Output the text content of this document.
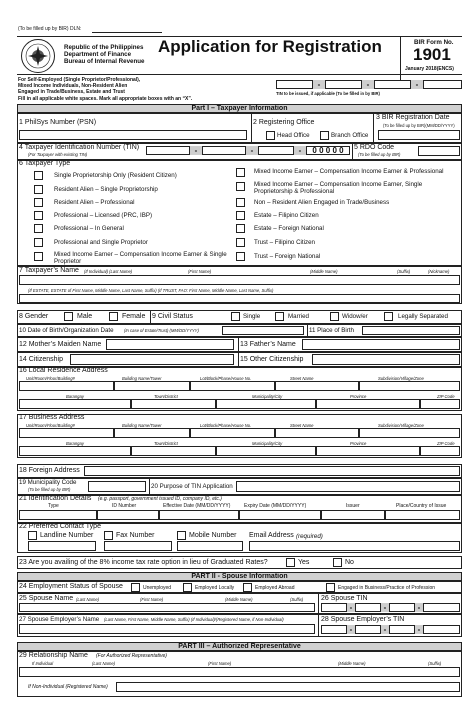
(To be filled up by BIR) DLN:
Republic of the Philippines
Department of Finance
Bureau of Internal Revenue
Application for Registration	BIR Form No.
1901
January 2018(ENCS)
For Self-Employed (Single Proprietor/Professional),
Mixed Income Individuals, Non-Resident Alien
Engaged in Trade/Business, Estate and Trust
-	-	-
TIN to be issued, if applicable (To be filled in by BIR)
Fill in all applicable white spaces. Mark all appropriate boxes with an “X”.
Part I – Taxpayer Information
1 PhilSys Number (PSN)	2 Registering Office
Head Office	Branch Office
3 BIR Registration Date
(To be filled up by BIR)(MM/DD/YYYY)
4 Taxpayer Identification Number (TIN)
(For Taxpayer with existing TIN)	-	-	-	0 0 0 0 0	5 RDO Code
(To be filled up by BIR)
6 Taxpayer Type
Single Proprietorship Only (Resident Citizen)
Resident Alien – Single Proprietorship
Resident Alien – Professional
Professional – Licensed (PRC, IBP)
Professional – In General
Professional and Single Proprietor
Mixed Income Earner – Compensation Income Earner & Single Proprietor
Mixed Income Earner – Compensation Income Earner & Professional
Mixed Income Earner – Compensation Income Earner, Single Proprietorship & Professional
Non – Resident Alien Engaged in Trade/Business
Estate – Filipino Citizen
Estate – Foreign National
Trust – Filipino Citizen
Trust – Foreign National
7 Taxpayer’s Name (If Individual) (Last Name)	(First Name)	(Middle Name)	(Suffix)	(Nickname)
(If ESTATE, ESTATE of First Name, Middle Name, Last Name, Suffix) (If TRUST, FAO: First Name, Middle Name, Last Name, Suffix)
8 Gender	Male	Female 9 Civil Status	Single	Married	Widow/er	Legally Separated
10 Date of Birth/Organization Date (In case of Estate/Trust) (MM/DD/YYYY)	11 Place of Birth
12 Mother’s Maiden Name	13 Father’s Name
14 Citizenship	15 Other Citizenship
16 Local Residence Address
Unit/Room/Floor/Building#	Building Name/Tower	Lot/Block/Phase/House No.	Street Name	Subdivision/Village/Zone
Barangay	Town/District	Municipality/City	Province	ZIP Code
17 Business Address
Unit/Room/Floor/Building#	Building Name/Tower	Lot/Block/Phase/House No.	Street Name	Subdivision/Village/Zone
Barangay	Town/District	Municipality/City	Province	ZIP Code
18 Foreign Address
19 Municipality Code
(To be filled up by BIR)	20 Purpose of TIN Application
21 Identification Details (e.g. passport, government issued ID, company ID, etc.)
Type	ID Number	Effective Date (MM/DD/YYYY)	Expiry Date (MM/DD/YYYY)	Issuer	Place/Country of Issue
22 Preferred Contact Type
Landline Number	Fax Number	Mobile Number Email Address (required)
23 Are you availing of the 8% income tax rate option in lieu of Graduated Rates?	Yes	No
PART II - Spouse Information
24 Employment Status of Spouse	Unemployed	Employed Locally	Employed Abroad	Engaged in Business/Practice of Profession
25 Spouse Name (Last Name)	(First Name)	(Middle Name)	(Suffix)	26 Spouse TIN
-	-	-
27 Spouse Employer’s Name (Last Name, First Name, Middle Name, Suffix) (If Individual)/(Registered Name, if Non-Individual)	28 Spouse Employer’s TIN
-	-	-
PART III – Authorized Representative
29 Relationship Name (For Authorized Representative)
If Individual	(Last Name)	(First Name)	(Middle Name)	(Suffix)
If Non-Individual (Registered Name)
